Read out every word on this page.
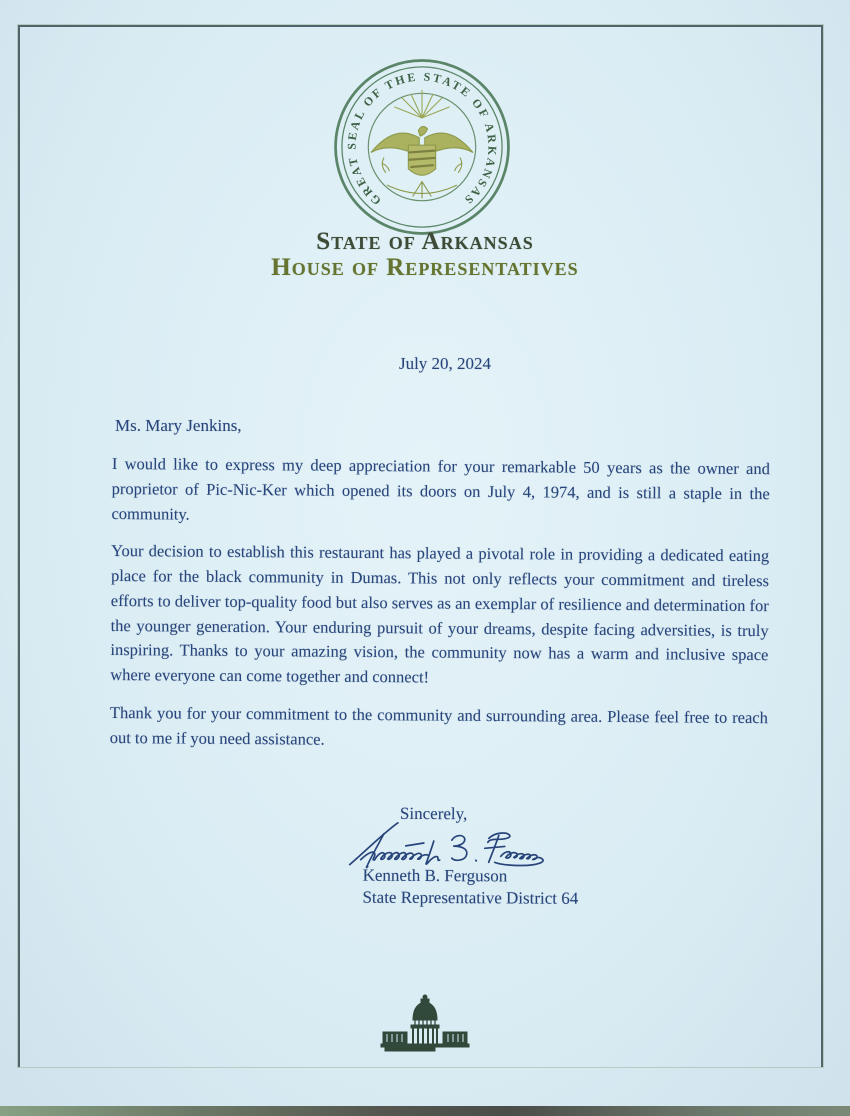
GREAT SEAL OF THE STATE OF ARKANSAS
State of Arkansas
House of Representatives
July 20, 2024
Ms. Mary Jenkins,

I would like to express my deep appreciation for your remarkable 50 years as the owner and proprietor of Pic-Nic-Ker which opened its doors on July 4, 1974, and is still a staple in the community.

Your decision to establish this restaurant has played a pivotal role in providing a dedicated eating place for the black community in Dumas. This not only reflects your commitment and tireless efforts to deliver top-quality food but also serves as an exemplar of resilience and determination for the younger generation. Your enduring pursuit of your dreams, despite facing adversities, is truly inspiring. Thanks to your amazing vision, the community now has a warm and inclusive space where everyone can come together and connect!

Thank you for your commitment to the community and surrounding area. Please feel free to reach out to me if you need assistance.

Sincerely,
Kenneth B. Ferguson
State Representative District 64
